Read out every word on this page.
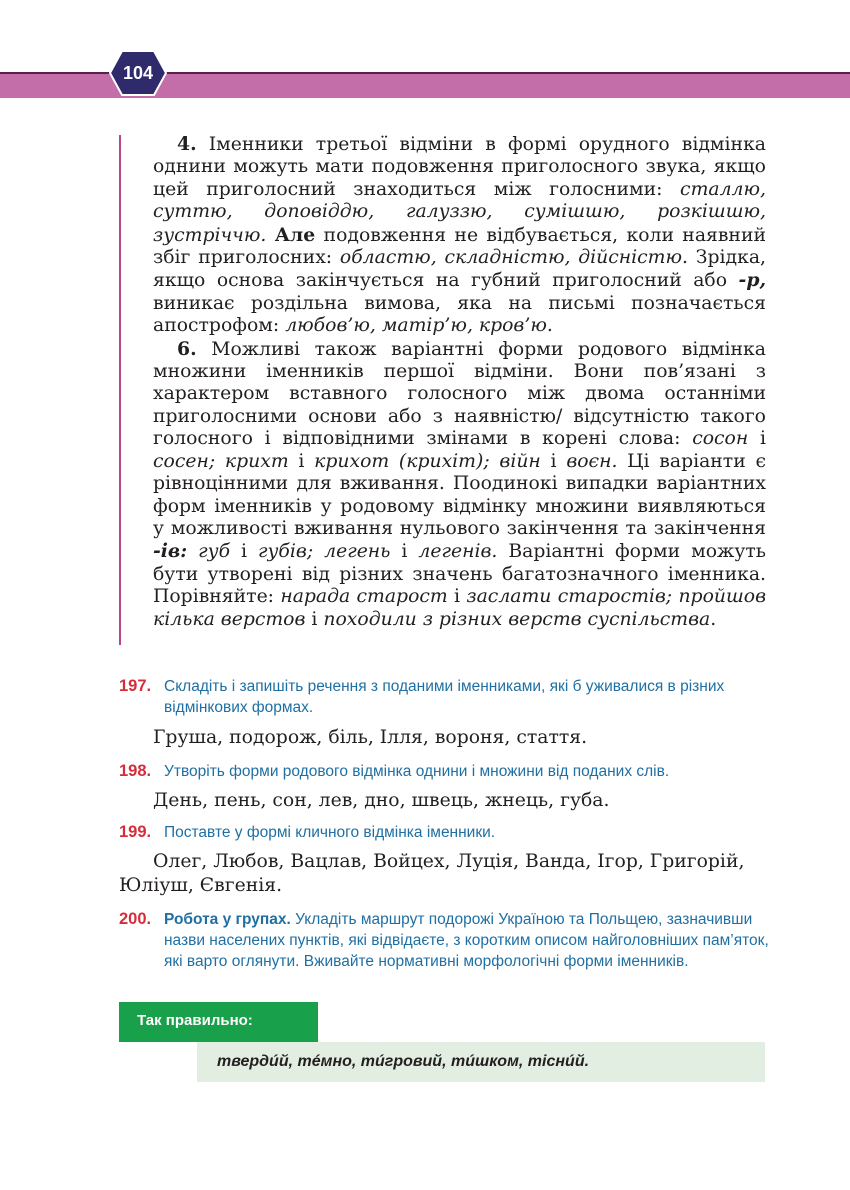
104

4. Іменники третьої відміни в формі орудного відмінка однини можуть мати подовження приголосного звука, якщо цей приголосний знаходиться між голосними: сталлю, суттю, доповіддю, галуззю, сумішшю, розкішшю, зустріччю. Але подовження не відбувається, коли наявний збіг приголосних: областю, складністю, дійсністю. Зрідка, якщо основа закінчується на губний приголосний або -р, виникає роздільна вимова, яка на письмі позначається апострофом: любов’ю, матір’ю, кров’ю.

6. Можливі також варіантні форми родового відмінка множини іменників першої відміни. Вони пов’язані з характером вставного голосного між двома останніми приголосними основи або з наявністю/ відсутністю такого голосного і відповідними змінами в корені слова: сосон і сосен; крихт і крихот (крихіт); війн і воєн. Ці варіанти є рівноцінними для вживання. Поодинокі випадки варіантних форм іменників у родовому відмінку множини виявляються у можливості вживання нульового закінчення та закінчення -ів: губ і губів; легень і легенів. Варіантні форми можуть бути утворені від різних значень багатозначного іменника. Порівняйте: нарада старост і заслати старостів; пройшов кілька верстов і походили з різних верств суспільства.

197. Складіть і запишіть речення з поданими іменниками, які б уживалися в різних відмінкових формах.
Груша, подорож, біль, Ілля, вороня, стаття.
198. Утворіть форми родового відмінка однини і множини від поданих слів.
День, пень, сон, лев, дно, швець, жнець, губа.
199. Поставте у формі кличного відмінка іменники.
Олег, Любов, Вацлав, Войцех, Луція, Ванда, Ігор, Григорій, Юліуш, Євгенія.
200. Робота у групах. Укладіть маршрут подорожі Україною та Польщею, зазначивши назви населених пунктів, які відвідаєте, з коротким описом найголовніших пам’яток, які варто оглянути. Вживайте нормативні морфологічні форми іменників.
Так правильно:
твердúй, тéмно, тúгровий, тúшком, тіснúй.
